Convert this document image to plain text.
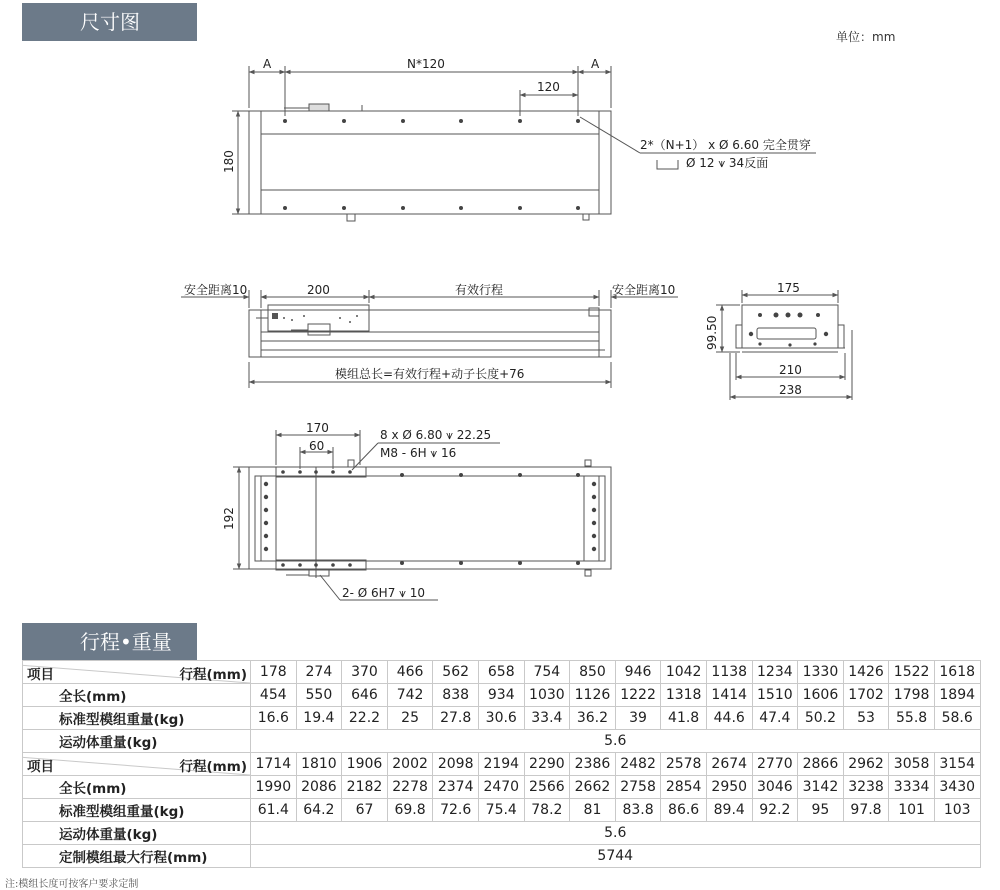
尺寸图
单位：mm
A	N*120	A
120
180
2*（N+1） x Ø 6.60 完全贯穿
Ø 12 ⩛ 34反面
安全距离10	200	有效行程	安全距离10
模组总长=有效行程+动子长度+76
175
210
238
99.50
170
60
8 x Ø 6.80 ⩛ 22.25
M8 - 6H ⩛ 16
192
2- Ø 6H7 ⩛ 10
行程•重量
行程(mm)
项目	178	274	370	466	562	658	754	850	946	1042	1138	1234	1330	1426	1522	1618
全长(mm)	454	550	646	742	838	934	1030	1126	1222	1318	1414	1510	1606	1702	1798	1894
标准型模组重量(kg)	16.6	19.4	22.2	25	27.8	30.6	33.4	36.2	39	41.8	44.6	47.4	50.2	53	55.8	58.6
运动体重量(kg)	5.6															

行程(mm)
项目	1714	1810	1906	2002	2098	2194	2290	2386	2482	2578	2674	2770	2866	2962	3058	3154
全长(mm)	1990	2086	2182	2278	2374	2470	2566	2662	2758	2854	2950	3046	3142	3238	3334	3430
标准型模组重量(kg)	61.4	64.2	67	69.8	72.6	75.4	78.2	81	83.8	86.6	89.4	92.2	95	97.8	101	103
运动体重量(kg)	5.6															
定制模组最大行程(mm)	5744															
注:模组长度可按客户要求定制
